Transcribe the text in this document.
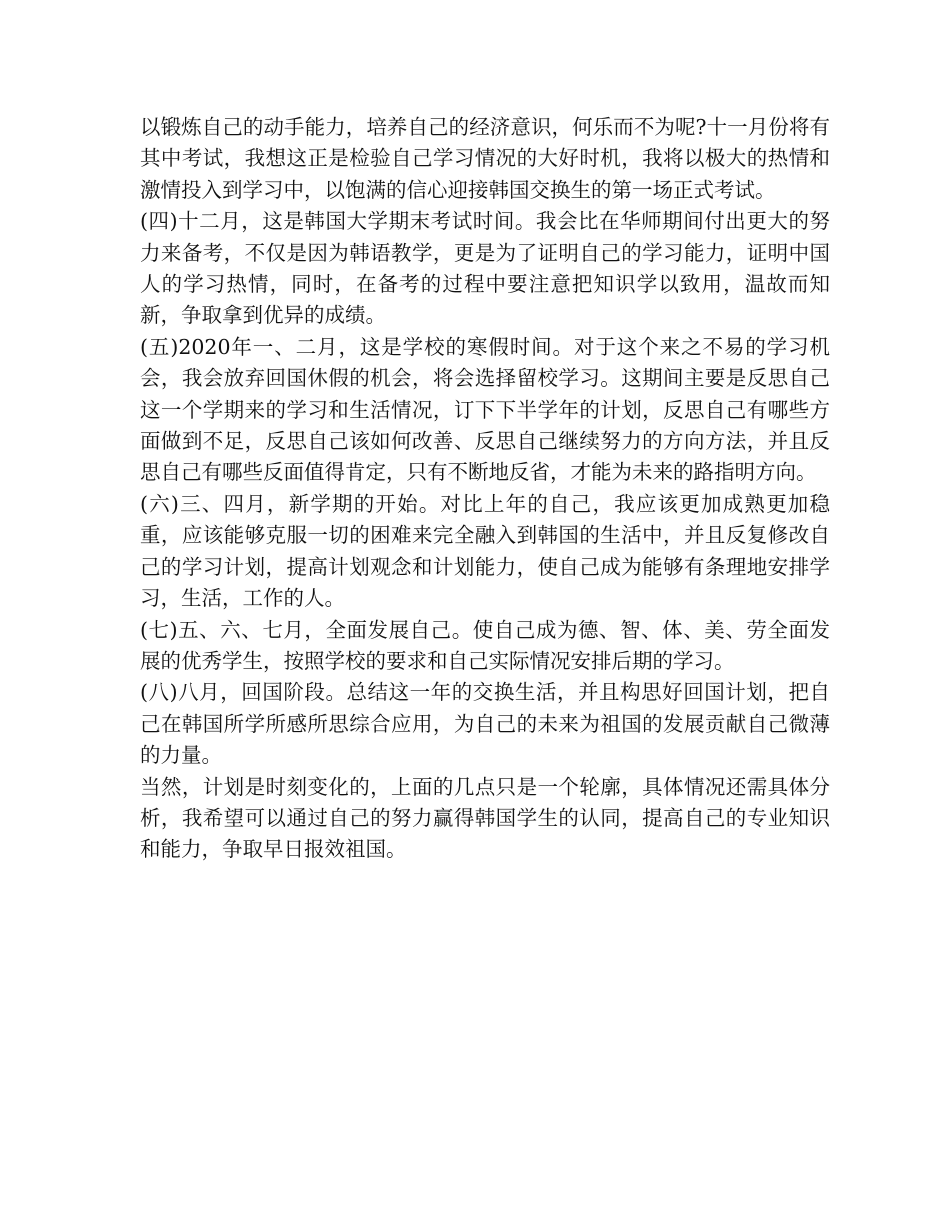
以锻炼自己的动手能力，培养自己的经济意识，何乐而不为呢?十一月份将有其中考试，我想这正是检验自己学习情况的大好时机，我将以极大的热情和激情投入到学习中，以饱满的信心迎接韩国交换生的第一场正式考试。

(四)十二月，这是韩国大学期末考试时间。我会比在华师期间付出更大的努力来备考，不仅是因为韩语教学，更是为了证明自己的学习能力，证明中国人的学习热情，同时，在备考的过程中要注意把知识学以致用，温故而知新，争取拿到优异的成绩。

(五)2020年一、二月，这是学校的寒假时间。对于这个来之不易的学习机会，我会放弃回国休假的机会，将会选择留校学习。这期间主要是反思自己这一个学期来的学习和生活情况，订下下半学年的计划，反思自己有哪些方面做到不足，反思自己该如何改善、反思自己继续努力的方向方法，并且反思自己有哪些反面值得肯定，只有不断地反省，才能为未来的路指明方向。

(六)三、四月，新学期的开始。对比上年的自己，我应该更加成熟更加稳重，应该能够克服一切的困难来完全融入到韩国的生活中，并且反复修改自己的学习计划，提高计划观念和计划能力，使自己成为能够有条理地安排学习，生活，工作的人。

(七)五、六、七月，全面发展自己。使自己成为德、智、体、美、劳全面发展的优秀学生，按照学校的要求和自己实际情况安排后期的学习。

(八)八月，回国阶段。总结这一年的交换生活，并且构思好回国计划，把自己在韩国所学所感所思综合应用，为自己的未来为祖国的发展贡献自己微薄的力量。

当然，计划是时刻变化的，上面的几点只是一个轮廓，具体情况还需具体分析，我希望可以通过自己的努力赢得韩国学生的认同，提高自己的专业知识和能力，争取早日报效祖国。
